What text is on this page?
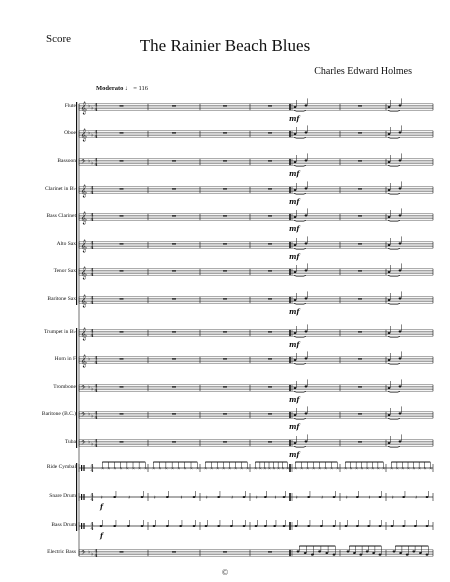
Score	The Rainier Beach Blues
Charles Edward Holmes
Moderato ♩ = 116
Flute
Oboe
Bassoon
Clarinet in B♭
Bass Clarinet
Alto Sax
Tenor Sax
Baritone Sax
Trumpet in B♭
Horn in F
Trombone
Baritone (B.C.)
Tuba
Ride Cymbal
Snare Drum
Bass Drum
Electric Bass
𝄞 ♭ ♭
4
4
mf
𝄞 ♭ ♭
4
4
𝄢 ♭ ♭
4
4
mf
𝄞 4
4
mf
𝄞 4
4
mf
𝄞 4
4
mf
𝄞 4
4
𝄞 4
4
mf
𝄞 4
4
mf
𝄞 ♭ 4
4
𝄢 ♭ ♭
4
4
mf
𝄢 ♭ ♭
4
4
mf
𝄢 ♭ ♭
4
4
mf
4
4 × × × × × × × × × × × × × × × × × × × × × × × × × × × × × × × × × × × × × × × × × × × × × × × × × × × × × × × ×
4
4 𝄽	𝄽	𝄽	𝄽	𝄽	𝄽	𝄽	𝄽	𝄽	𝄽	𝄽	𝄽	𝄽	𝄽
f
4
4
f
𝄢 ♭ ♭
4
4
©
